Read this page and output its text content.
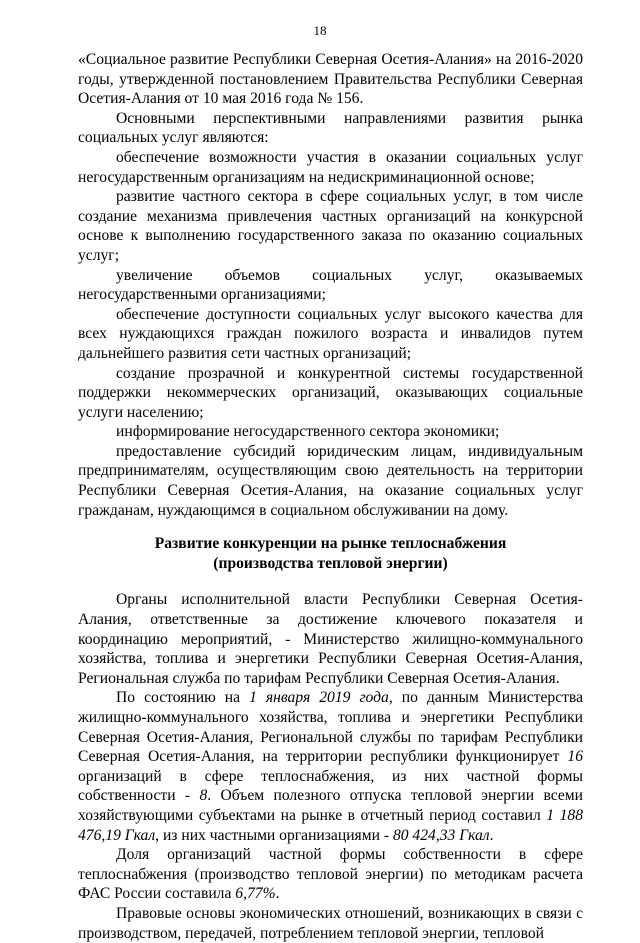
18

«Социальное развитие Республики Северная Осетия-Алания» на 2016-2020 годы, утвержденной постановлением Правительства Республики Северная Осетия-Алания от 10 мая 2016 года № 156.

Основными перспективными направлениями развития рынка социальных услуг являются:

обеспечение возможности участия в оказании социальных услуг негосударственным организациям на недискриминационной основе;

развитие частного сектора в сфере социальных услуг, в том числе создание механизма привлечения частных организаций на конкурсной основе к выполнению государственного заказа по оказанию социальных услуг;

увеличение объемов социальных услуг, оказываемых негосударственными организациями;

обеспечение доступности социальных услуг высокого качества для всех нуждающихся граждан пожилого возраста и инвалидов путем дальнейшего развития сети частных организаций;

создание прозрачной и конкурентной системы государственной поддержки некоммерческих организаций, оказывающих социальные услуги населению;

информирование негосударственного сектора экономики;

предоставление субсидий юридическим лицам, индивидуальным предпринимателям, осуществляющим свою деятельность на территории Республики Северная Осетия-Алания, на оказание социальных услуг гражданам, нуждающимся в социальном обслуживании на дому.

Развитие конкуренции на рынке теплоснабжения
(производства тепловой энергии)

Органы исполнительной власти Республики Северная Осетия-Алания, ответственные за достижение ключевого показателя и координацию мероприятий, - Министерство жилищно-коммунального хозяйства, топлива и энергетики Республики Северная Осетия-Алания, Региональная служба по тарифам Республики Северная Осетия-Алания.

По состоянию на 1 января 2019 года, по данным Министерства жилищно-коммунального хозяйства, топлива и энергетики Республики Северная Осетия-Алания, Региональной службы по тарифам Республики Северная Осетия-Алания, на территории республики функционирует 16 организаций в сфере теплоснабжения, из них частной формы собственности - 8. Объем полезного отпуска тепловой энергии всеми хозяйствующими субъектами на рынке в отчетный период составил 1 188 476,19 Гкал, из них частными организациями - 80 424,33 Гкал.

Доля организаций частной формы собственности в сфере теплоснабжения (производство тепловой энергии) по методикам расчета ФАС России составила 6,77%.

Правовые основы экономических отношений, возникающих в связи с производством, передачей, потреблением тепловой энергии, тепловой
